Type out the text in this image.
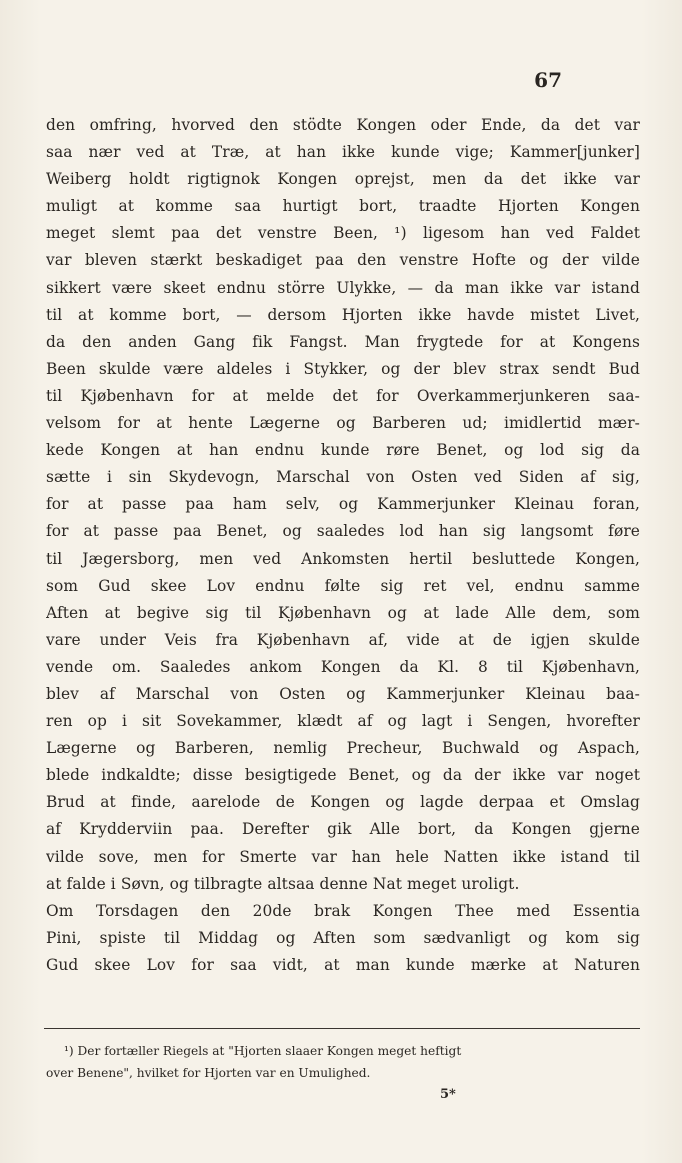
67
den omfring, hvorved den stödte Kongen oder Ende, da det var
saa nær ved at Træ, at han ikke kunde vige; Kammer[junker]
Weiberg holdt rigtignok Kongen oprejst, men da det ikke var
muligt at komme saa hurtigt bort, traadte Hjorten Kongen
meget slemt paa det venstre Been, ¹) ligesom han ved Faldet
var bleven stærkt beskadiget paa den venstre Hofte og der vilde
sikkert være skeet endnu större Ulykke, — da man ikke var istand
til at komme bort, — dersom Hjorten ikke havde mistet Livet,
da den anden Gang fik Fangst. Man frygtede for at Kongens
Been skulde være aldeles i Stykker, og der blev strax sendt Bud
til Kjøbenhavn for at melde det for Overkammerjunkeren saa-
velsom for at hente Lægerne og Barberen ud; imidlertid mær-
kede Kongen at han endnu kunde røre Benet, og lod sig da
sætte i sin Skydevogn, Marschal von Osten ved Siden af sig,
for at passe paa ham selv, og Kammerjunker Kleinau foran,
for at passe paa Benet, og saaledes lod han sig langsomt føre
til Jægersborg, men ved Ankomsten hertil besluttede Kongen,
som Gud skee Lov endnu følte sig ret vel, endnu samme
Aften at begive sig til Kjøbenhavn og at lade Alle dem, som
vare under Veis fra Kjøbenhavn af, vide at de igjen skulde
vende om. Saaledes ankom Kongen da Kl. 8 til Kjøbenhavn,
blev af Marschal von Osten og Kammerjunker Kleinau baa-
ren op i sit Sovekammer, klædt af og lagt i Sengen, hvorefter
Lægerne og Barberen, nemlig Precheur, Buchwald og Aspach,
blede indkaldte; disse besigtigede Benet, og da der ikke var noget
Brud at finde, aarelode de Kongen og lagde derpaa et Omslag
af Krydderviin paa. Derefter gik Alle bort, da Kongen gjerne
vilde sove, men for Smerte var han hele Natten ikke istand til
at falde i Søvn, og tilbragte altsaa denne Nat meget uroligt.
Om Torsdagen den 20de brak Kongen Thee med Essentia
Pini, spiste til Middag og Aften som sædvanligt og kom sig
Gud skee Lov for saa vidt, at man kunde mærke at Naturen
¹) Der fortæller Riegels at "Hjorten slaaer Kongen meget heftigt
over Benene", hvilket for Hjorten var en Umulighed.
5*
